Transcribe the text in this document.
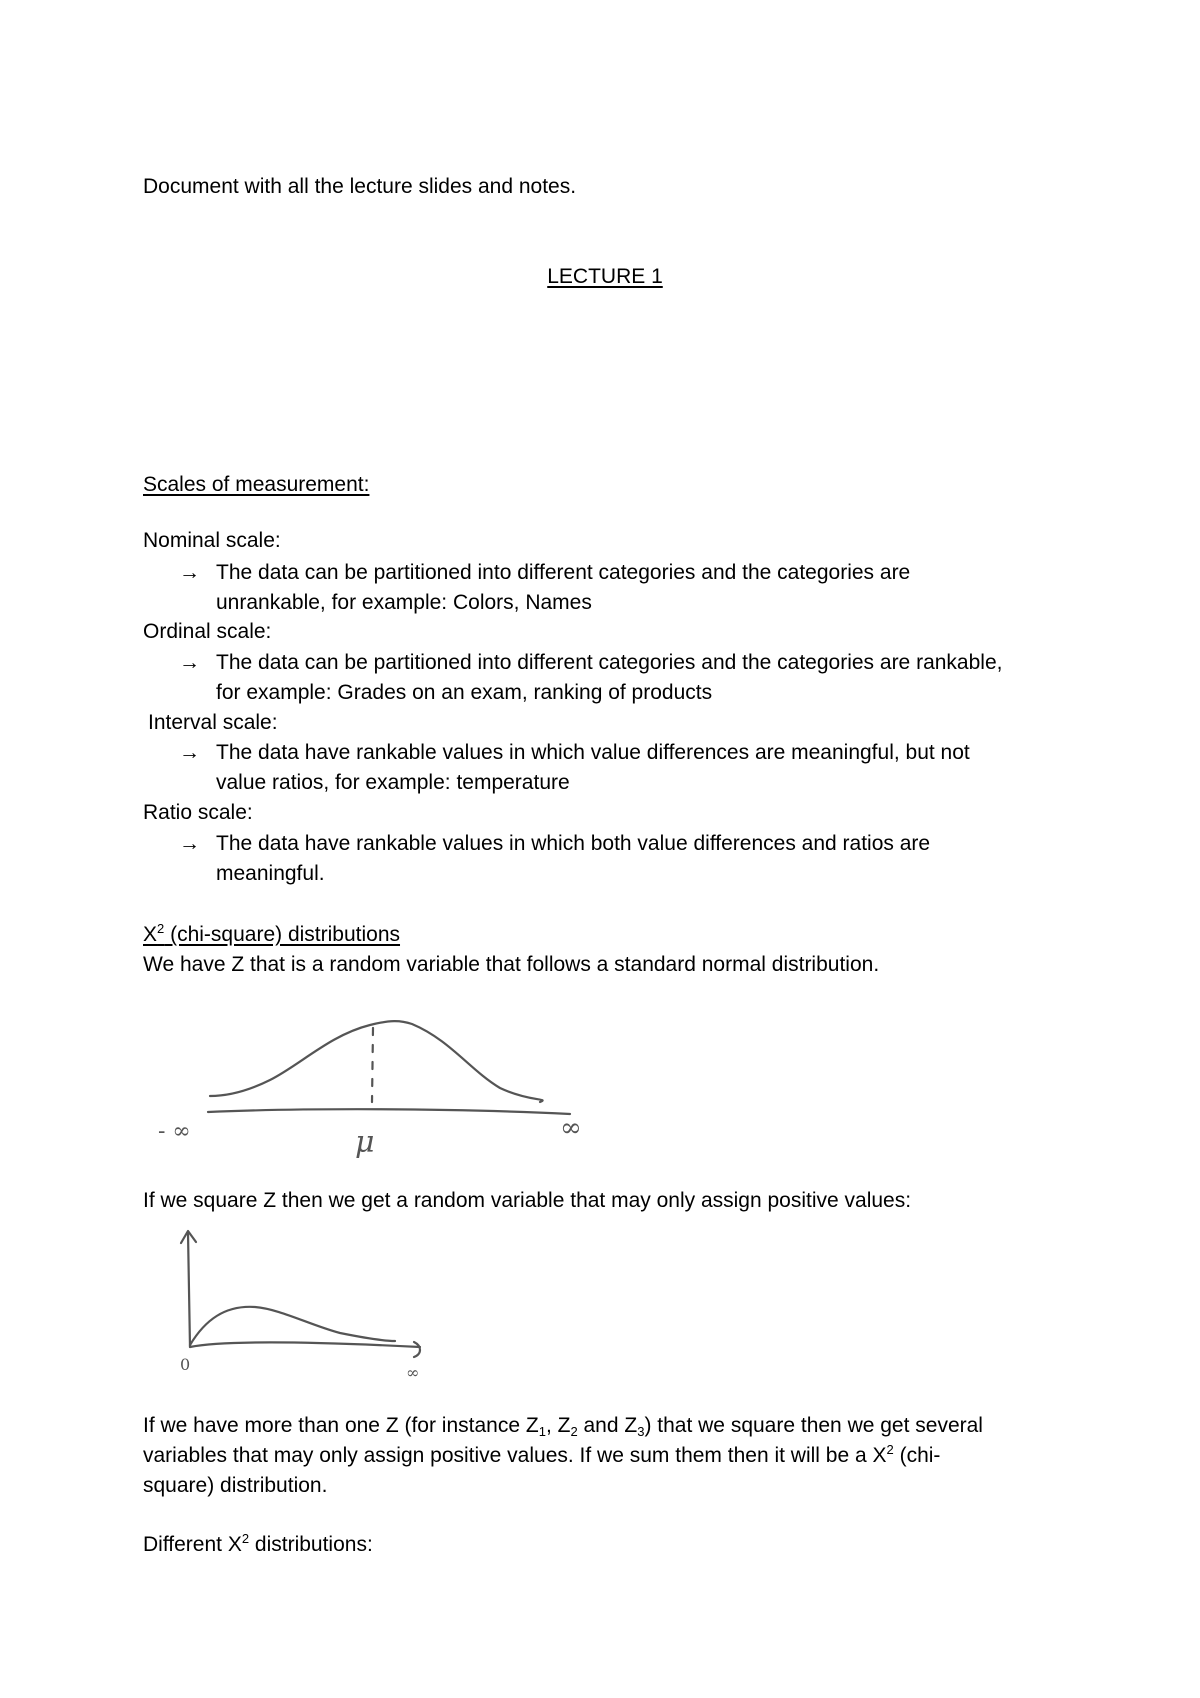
Document with all the lecture slides and notes.
LECTURE 1
Scales of measurement:
Nominal scale:
→ The data can be partitioned into different categories and the categories are
unrankable, for example: Colors, Names
Ordinal scale:
→ The data can be partitioned into different categories and the categories are rankable,
for example: Grades on an exam, ranking of products
Interval scale:
→ The data have rankable values in which value differences are meaningful, but not
value ratios, for example: temperature
Ratio scale:
→ The data have rankable values in which both value differences and ratios are
meaningful.
$X^2$ (chi-square) distributions
We have Z that is a random variable that follows a standard normal distribution.
- ∞	μ	∞
If we square Z then we get a random variable that may only assign positive values:
0	∞
If we have more than one Z (for instance $Z_1$, $Z_2$ and $Z_3$) that we square then we get several
variables that may only assign positive values. If we sum them then it will be a $X^2$ (chi-
square) distribution.
Different $X^2$ distributions:
